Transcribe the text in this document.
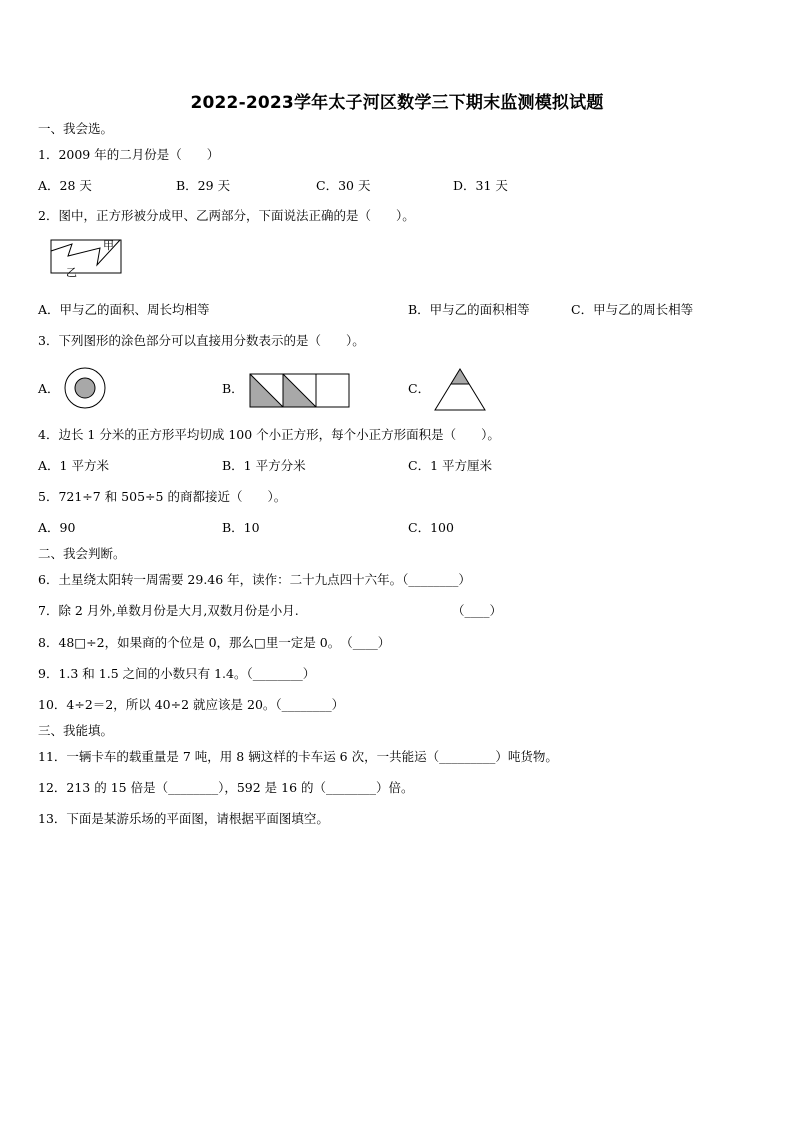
2022-2023学年太子河区数学三下期末监测模拟试题
一、我会选。
1．2009 年的二月份是（　　）
A．28 天	B．29 天	C．30 天	D．31 天
2．图中，正方形被分成甲、乙两部分，下面说法正确的是（　　）。
甲
乙
A．甲与乙的面积、周长均相等	B．甲与乙的面积相等	C．甲与乙的周长相等
3．下列图形的涂色部分可以直接用分数表示的是（　　）。
A．	B．	C．
4．边长 1 分米的正方形平均切成 100 个小正方形，每个小正方形面积是（　　）。
A．1 平方米	B．1 平方分米	C．1 平方厘米
5．721÷7 和 505÷5 的商都接近（　　）。
A．90	B．10	C．100
二、我会判断。
6．土星绕太阳转一周需要 29.46 年，读作：二十九点四十六年。（________）
7．除 2 月外,单数月份是大月,双数月份是小月.	（____）
8．48□÷2，如果商的个位是 0，那么□里一定是 0。　（____）
9．1.3 和 1.5 之间的小数只有 1.4。（________）
10．4÷2＝2，所以 40÷2 就应该是 20。（________）
三、我能填。
11．一辆卡车的载重量是 7 吨，用 8 辆这样的卡车运 6 次，一共能运（_________）吨货物。
12．213 的 15 倍是（________），592 是 16 的（________）倍。
13．下面是某游乐场的平面图，请根据平面图填空。
